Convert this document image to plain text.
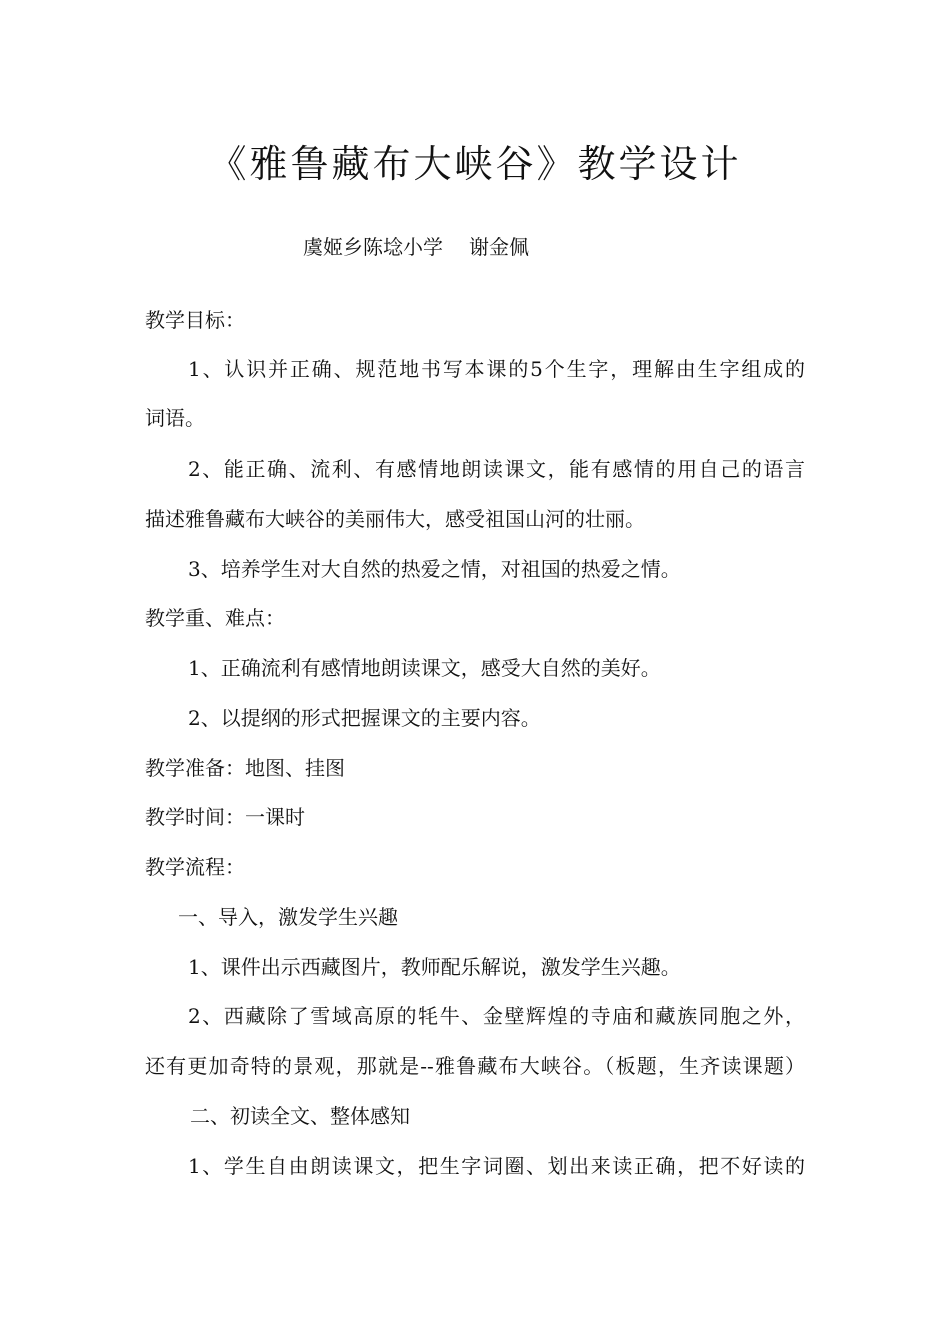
《雅鲁藏布大峡谷》教学设计
虞姬乡陈埝小学 谢金佩
教学目标：
1、认识并正确、规范地书写本课的5个生字，理解由生字组成的
词语。
2、能正确、流利、有感情地朗读课文，能有感情的用自己的语言
描述雅鲁藏布大峡谷的美丽伟大，感受祖国山河的壮丽。
3、培养学生对大自然的热爱之情，对祖国的热爱之情。
教学重、难点：
1、正确流利有感情地朗读课文，感受大自然的美好。
2、以提纲的形式把握课文的主要内容。
教学准备：地图、挂图
教学时间：一课时
教学流程：
一、导入，激发学生兴趣
1、课件出示西藏图片，教师配乐解说，激发学生兴趣。
2、西藏除了雪域高原的牦牛、金壁辉煌的寺庙和藏族同胞之外，
还有更加奇特的景观，那就是--雅鲁藏布大峡谷。（板题，生齐读课题）
二、初读全文、整体感知
1、学生自由朗读课文，把生字词圈、划出来读正确，把不好读的
